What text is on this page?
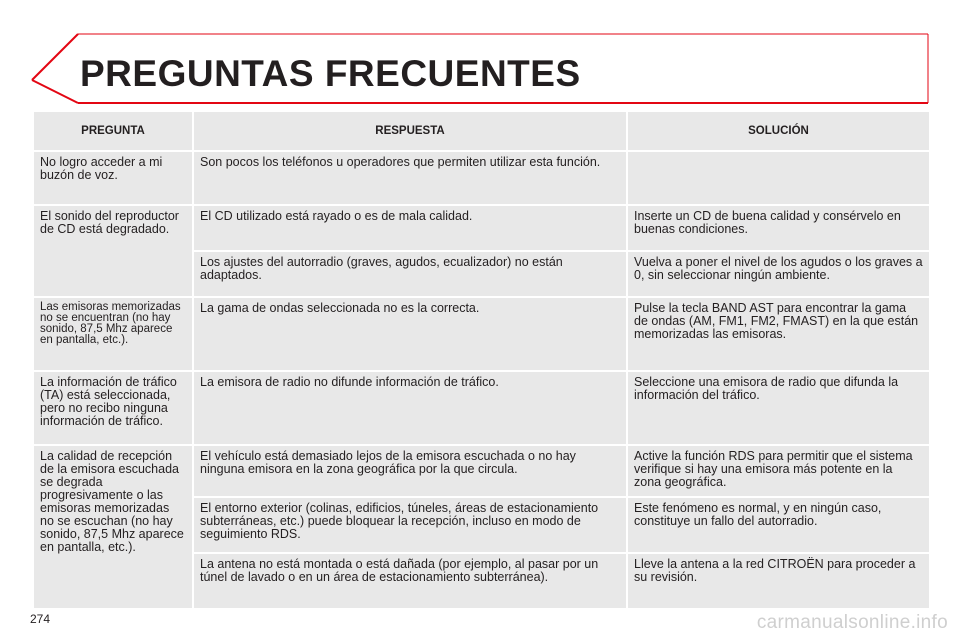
PREGUNTAS FRECUENTES
PREGUNTA	RESPUESTA	SOLUCIÓN
No logro acceder a mi buzón de voz.	Son pocos los teléfonos u operadores que permiten utilizar esta función.	
El sonido del reproductor de CD está degradado.	El CD utilizado está rayado o es de mala calidad.	Inserte un CD de buena calidad y consérvelo en buenas condiciones.
	Los ajustes del autorradio (graves, agudos, ecualizador) no están adaptados.	Vuelva a poner el nivel de los agudos o los graves a 0, sin seleccionar ningún ambiente.
Las emisoras memorizadas no se encuentran (no hay sonido, 87,5 Mhz aparece en pantalla, etc.).	La gama de ondas seleccionada no es la correcta.	Pulse la tecla BAND AST para encontrar la gama de ondas (AM, FM1, FM2, FMAST) en la que están memorizadas las emisoras.
La información de tráfico (TA) está seleccionada, pero no recibo ninguna información de tráfico.	La emisora de radio no difunde información de tráfico.	Seleccione una emisora de radio que difunda la información del tráfico.
La calidad de recepción de la emisora escuchada se degrada progresivamente o las emisoras memorizadas no se escuchan (no hay sonido, 87,5 Mhz aparece en pantalla, etc.).	El vehículo está demasiado lejos de la emisora escuchada o no hay ninguna emisora en la zona geográfica por la que circula.	Active la función RDS para permitir que el sistema verifique si hay una emisora más potente en la zona geográfica.
	El entorno exterior (colinas, edificios, túneles, áreas de estacionamiento subterráneas, etc.) puede bloquear la recepción, incluso en modo de seguimiento RDS.	Este fenómeno es normal, y en ningún caso, constituye un fallo del autorradio.
	La antena no está montada o está dañada (por ejemplo, al pasar por un túnel de lavado o en un área de estacionamiento subterránea).	Lleve la antena a la red CITROËN para proceder a su revisión.
274	carmanualsonline.info
